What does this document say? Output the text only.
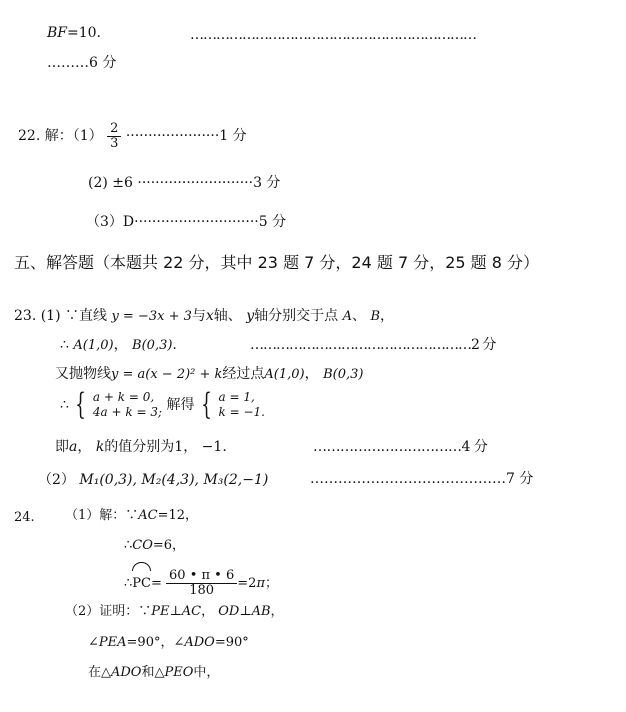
BF=10.	…………………………………………………………
………6 分
22. 解：$(1) \frac{2}{3} \cdot\cdot\cdot\cdot\cdot\cdot\cdot\cdot\cdot\cdot\cdot\cdot\cdot\cdot\cdot\cdot\cdot\cdot\cdot\cdot\cdot 1$ 分
(2) ±6 ··························3 分
（3）D····························5 分
五、解答题（本题共 22 分，其中 23 题 7 分，24 题 7 分，25 题 8 分）
23. (1) ∵直线 y = −3x + 3与x轴、 y轴分别交于点 A、 B，
∴ A(1,0)， B(0,3).	……………………………………………2 分
又抛物线y = a(x − 2)² + k经过点A(1,0)， B(0,3)
∴ { a + k = 0,
4a + k = 3; 解得 { a = 1,
k = −1.
即a， k的值分别为1， −1.	……………………………4 分
（2） M₁(0,3), M₂(4,3), M₃(2,−1)	……………………………………7 分
24. （1）解：∵AC=12，
∴CO=6，
∴PC= $\frac{60 • \pi • 6}{180} =2\pi$；
（2）证明：∵PE⊥AC， OD⊥AB，
∠PEA=90°，∠ADO=90°
在△ADO和△PEO中，
